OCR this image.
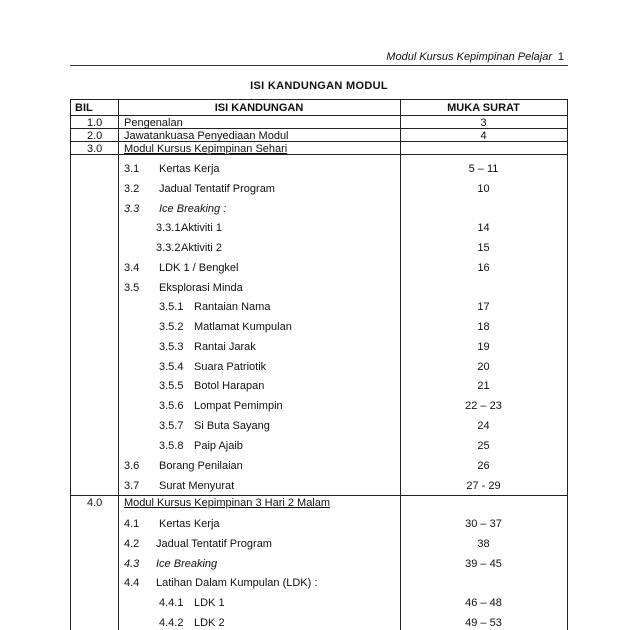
Modul Kursus Kepimpinan Pelajar 1
ISI KANDUNGAN MODUL
BIL	ISI KANDUNGAN	MUKA SURAT
1.0	Pengenalan	3
2.0	Jawatankuasa Penyediaan Modul	4
3.0	Modul Kursus Kepimpinan Sehari
3.1 Kertas Kerja	5 – 11
3.2 Jadual Tentatif Program	10
3.3 Ice Breaking :
3.3.1 Aktiviti 1	14
3.3.2 Aktiviti 2	15
3.4 LDK 1 / Bengkel	16
3.5 Eksplorasi Minda
3.5.1 Rantaian Nama	17
3.5.2 Matlamat Kumpulan	18
3.5.3 Rantai Jarak	19
3.5.4 Suara Patriotik	20
3.5.5 Botol Harapan	21
3.5.6 Lompat Pemimpin	22 – 23
3.5.7 Si Buta Sayang	24
3.5.8 Paip Ajaib	25
3.6 Borang Penilaian	26
3.7 Surat Menyurat	27 - 29
4.0	Modul Kursus Kepimpinan 3 Hari 2 Malam
4.1 Kertas Kerja	30 – 37
4.2 Jadual Tentatif Program	38
4.3 Ice Breaking	39 – 45
4.4 Latihan Dalam Kumpulan (LDK) :
4.4.1 LDK 1	46 – 48
4.4.2 LDK 2	49 – 53
